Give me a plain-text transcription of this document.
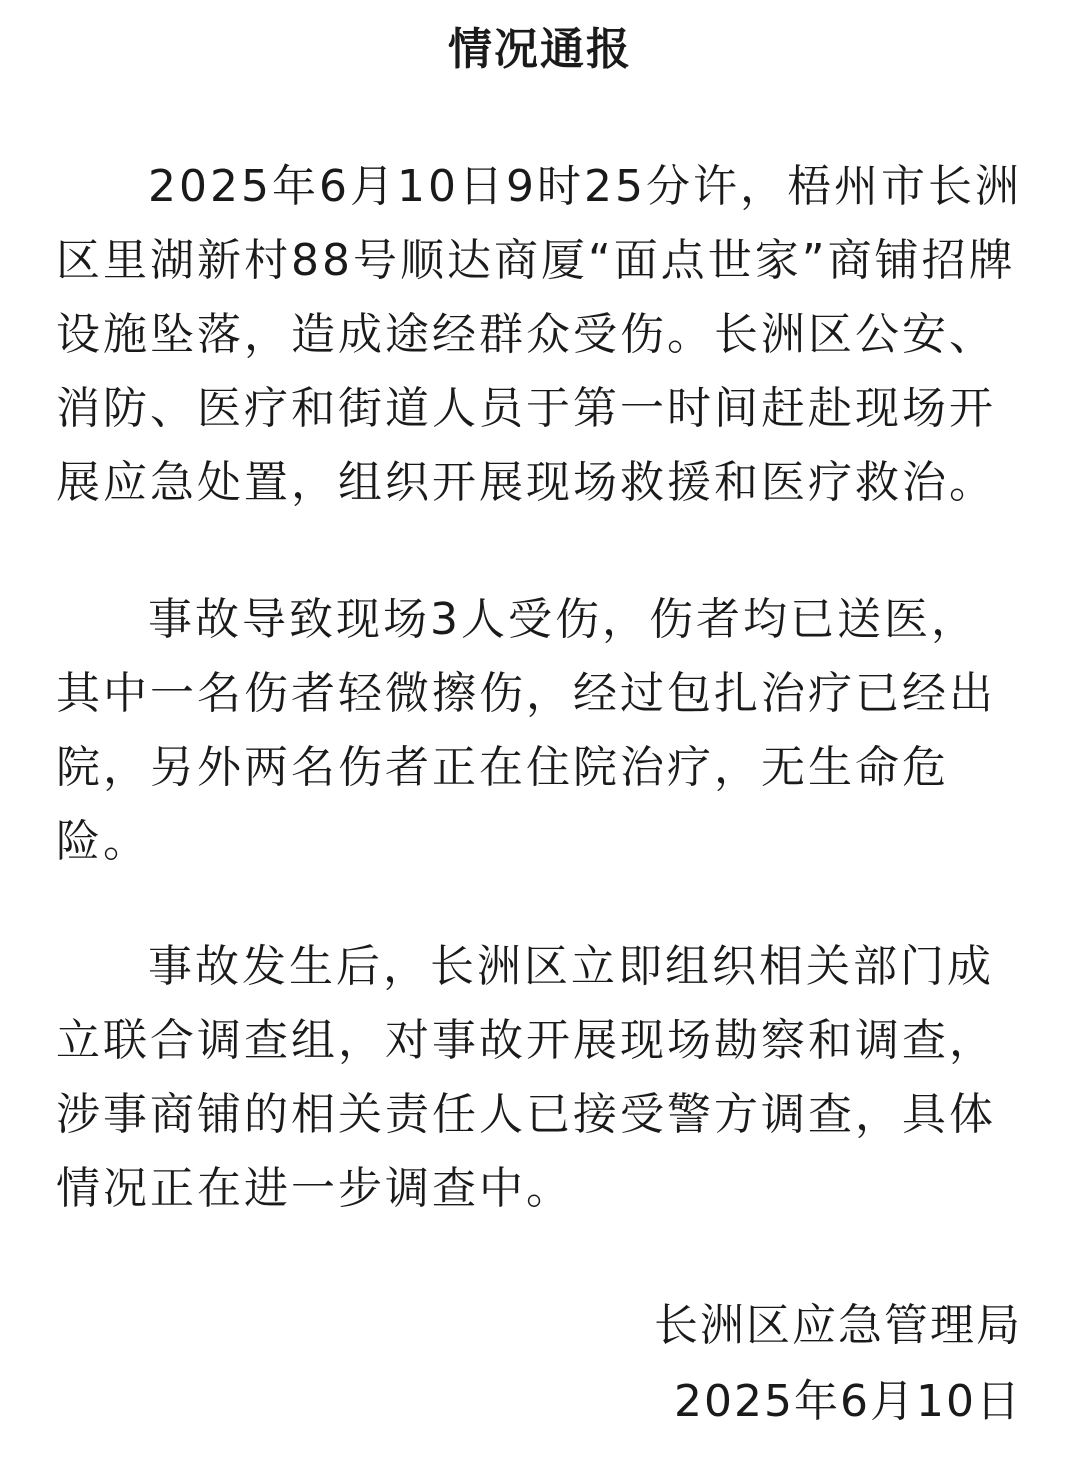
情况通报
2025年6月10日9时25分许，梧州市长洲
区里湖新村88号顺达商厦“面点世家”商铺招牌
设施坠落，造成途经群众受伤。长洲区公安、
消防、医疗和街道人员于第一时间赶赴现场开
展应急处置，组织开展现场救援和医疗救治。
事故导致现场3人受伤，伤者均已送医，
其中一名伤者轻微擦伤，经过包扎治疗已经出
院，另外两名伤者正在住院治疗，无生命危
险。
事故发生后，长洲区立即组织相关部门成
立联合调查组，对事故开展现场勘察和调查，
涉事商铺的相关责任人已接受警方调查，具体
情况正在进一步调查中。
长洲区应急管理局
2025年6月10日
